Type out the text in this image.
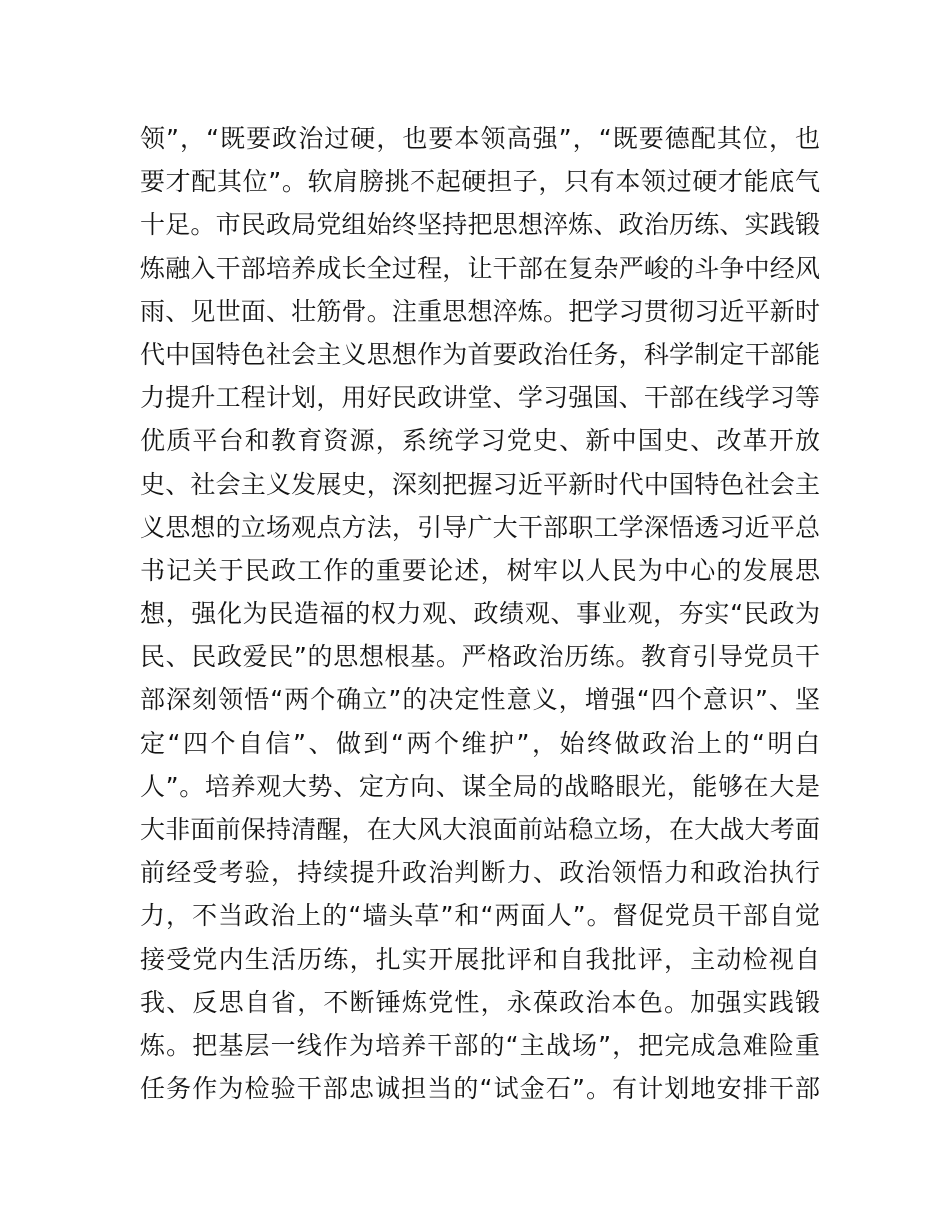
领”，“既要政治过硬，也要本领高强”，“既要德配其位，也
要才配其位”。软肩膀挑不起硬担子，只有本领过硬才能底气
十足。市民政局党组始终坚持把思想淬炼、政治历练、实践锻
炼融入干部培养成长全过程，让干部在复杂严峻的斗争中经风
雨、见世面、壮筋骨。注重思想淬炼。把学习贯彻习近平新时
代中国特色社会主义思想作为首要政治任务，科学制定干部能
力提升工程计划，用好民政讲堂、学习强国、干部在线学习等
优质平台和教育资源，系统学习党史、新中国史、改革开放
史、社会主义发展史，深刻把握习近平新时代中国特色社会主
义思想的立场观点方法，引导广大干部职工学深悟透习近平总
书记关于民政工作的重要论述，树牢以人民为中心的发展思
想，强化为民造福的权力观、政绩观、事业观，夯实“民政为
民、民政爱民”的思想根基。严格政治历练。教育引导党员干
部深刻领悟“两个确立”的决定性意义，增强“四个意识”、坚
定“四个自信”、做到“两个维护”，始终做政治上的“明白
人”。培养观大势、定方向、谋全局的战略眼光，能够在大是
大非面前保持清醒，在大风大浪面前站稳立场，在大战大考面
前经受考验，持续提升政治判断力、政治领悟力和政治执行
力，不当政治上的“墙头草”和“两面人”。督促党员干部自觉
接受党内生活历练，扎实开展批评和自我批评，主动检视自
我、反思自省，不断锤炼党性，永葆政治本色。加强实践锻
炼。把基层一线作为培养干部的“主战场”，把完成急难险重
任务作为检验干部忠诚担当的“试金石”。有计划地安排干部
